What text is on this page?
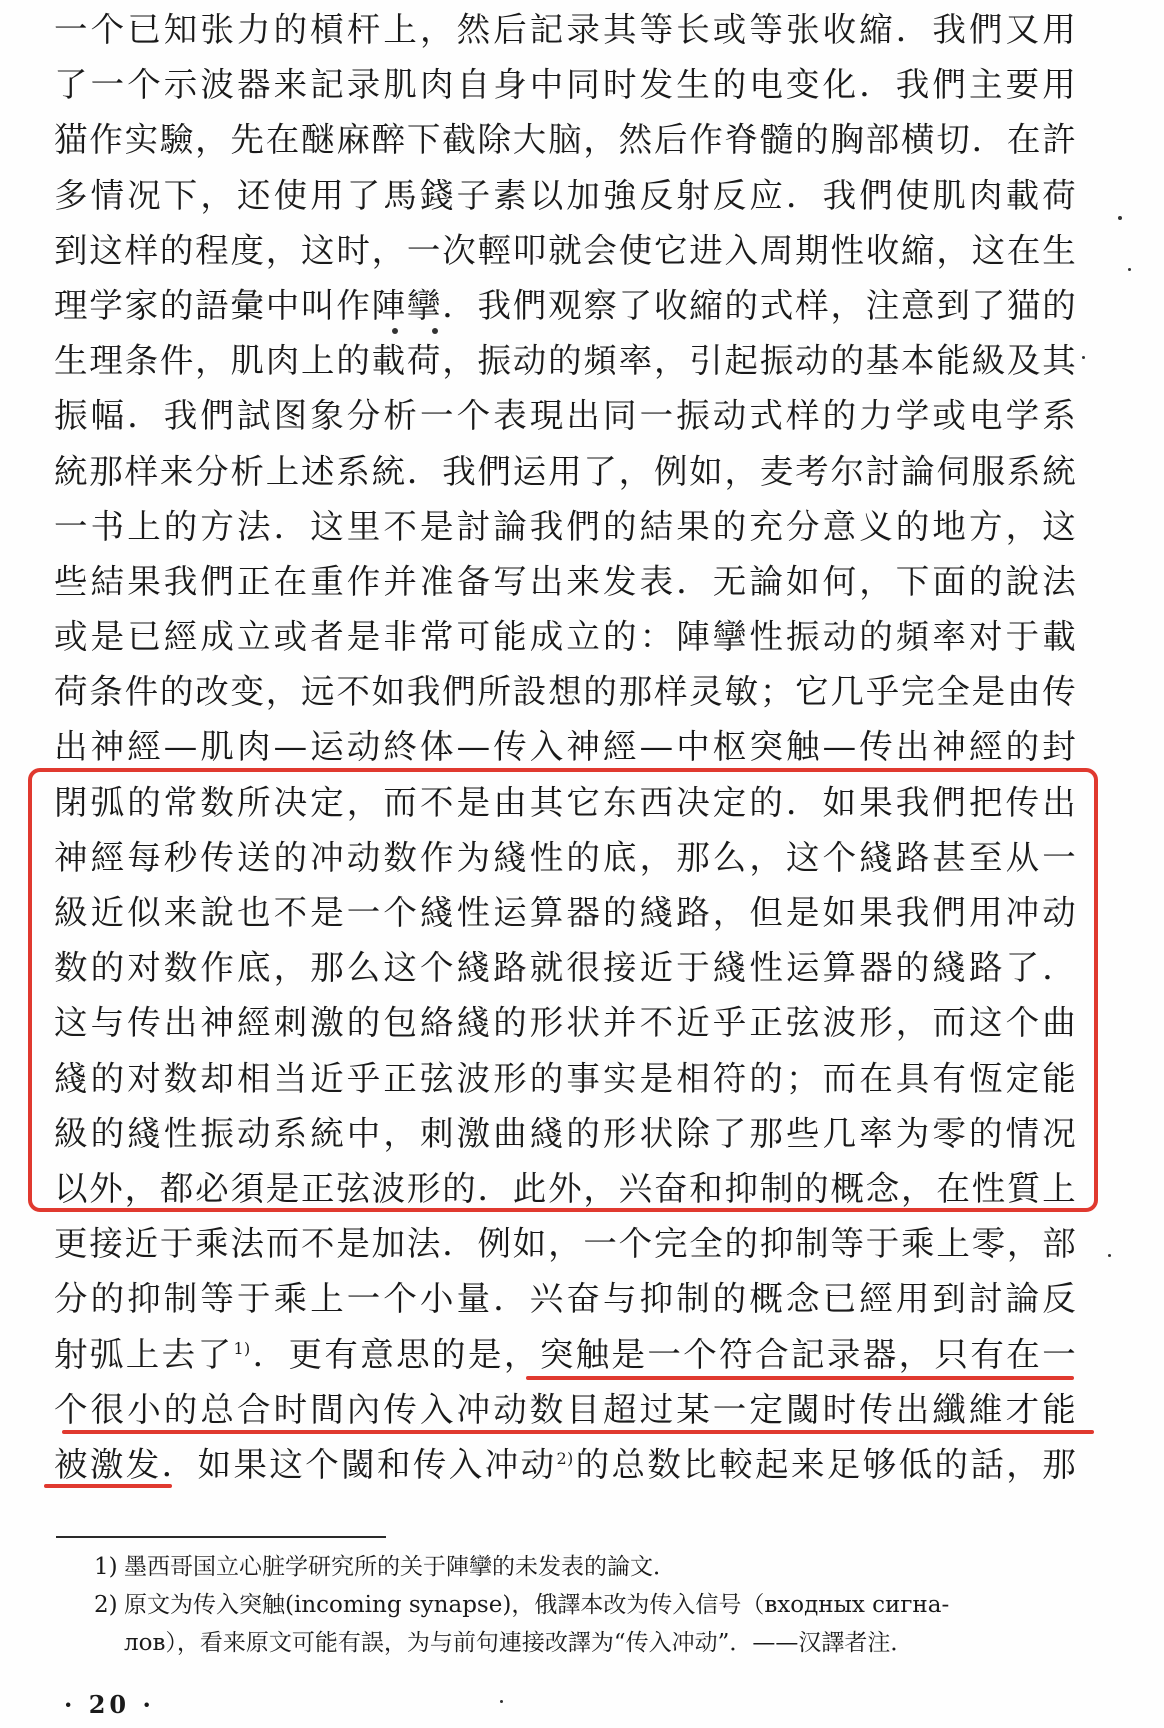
一个已知张力的槓杆上，然后記录其等长或等张收縮．我們又用
了一个示波器来記录肌肉自身中同时发生的电变化．我們主要用
猫作实驗，先在醚麻醉下截除大脑，然后作脊髓的胸部横切．在許
多情况下，还使用了馬錢子素以加強反射反应．我們使肌肉載荷
到这样的程度，这时，一次輕叩就会使它进入周期性收縮，这在生
理学家的語彙中叫作陣攣．我們观察了收縮的式样，注意到了猫的
生理条件，肌肉上的載荷，振动的頻率，引起振动的基本能級及其
振幅．我們試图象分析一个表現出同一振动式样的力学或电学系
統那样来分析上述系統．我們运用了，例如，麦考尔討論伺服系統
一书上的方法．这里不是討論我們的結果的充分意义的地方，这
些結果我們正在重作并准备写出来发表．无論如何，下面的說法
或是已經成立或者是非常可能成立的：陣攣性振动的頻率对于載
荷条件的改变，远不如我們所設想的那样灵敏；它几乎完全是由传
出神經—肌肉—运动終体—传入神經—中枢突触—传出神經的封
閉弧的常数所决定，而不是由其它东西决定的．如果我們把传出
神經每秒传送的冲动数作为綫性的底，那么，这个綫路甚至从一
級近似来說也不是一个綫性运算器的綫路，但是如果我們用冲动
数的对数作底，那么这个綫路就很接近于綫性运算器的綫路了．
这与传出神經刺激的包絡綫的形状并不近乎正弦波形，而这个曲
綫的对数却相当近乎正弦波形的事实是相符的；而在具有恆定能
級的綫性振动系統中，刺激曲綫的形状除了那些几率为零的情况
以外，都必須是正弦波形的．此外，兴奋和抑制的概念，在性質上
更接近于乘法而不是加法．例如，一个完全的抑制等于乘上零，部
分的抑制等于乘上一个小量．兴奋与抑制的概念已經用到討論反
射弧上去了$^{1)}$．更有意思的是，突触是一个符合記录器，只有在一
个很小的总合时間內传入冲动数目超过某一定閾时传出纖維才能
被激发．如果这个閾和传入冲动$^{2)}$的总数比較起来足够低的話，那
1) 墨西哥国立心脏学研究所的关于陣攣的未发表的論文．
2) 原文为传入突触(incoming synapse)，俄譯本改为传入信号（входных сигна-
лов），看来原文可能有誤，为与前句連接改譯为“传入冲动”．——汉譯者注．
· 20 ·
